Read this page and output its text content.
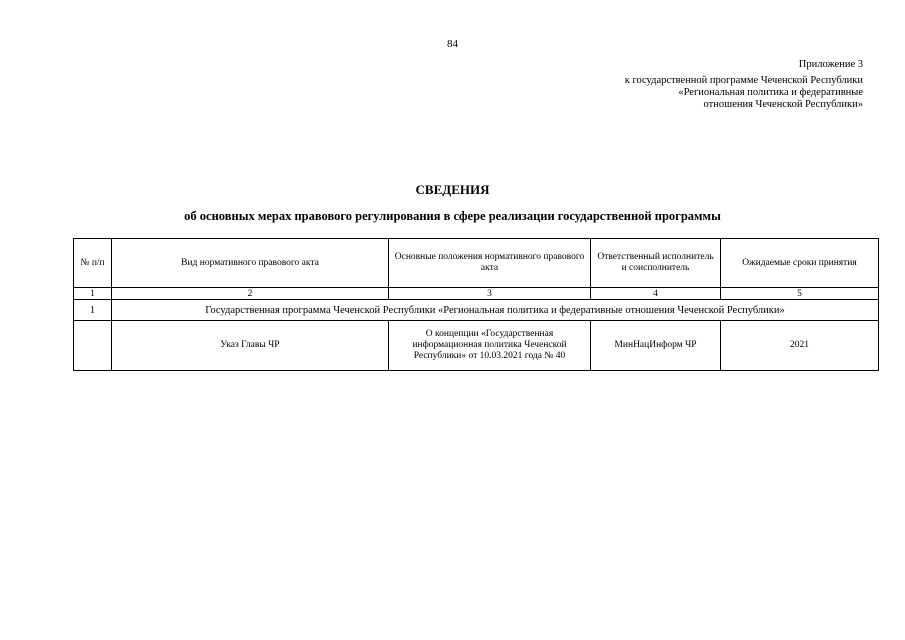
84
Приложение 3
к государственной программе Чеченской Республики
«Региональная политика и федеративные
отношения Чеченской Республики»
СВЕДЕНИЯ
об основных мерах правового регулирования в сфере реализации государственной программы
№ п/п	Вид нормативного правового акта	Основные положения нормативного правового акта	Ответственный исполнитель и соисполнитель	Ожидаемые сроки принятия
1	2	3	4	5
1	Государственная программа Чеченской Республики «Региональная политика и федеративные отношения Чеченской Республики»			
	Указ Главы ЧР	О концепции «Государственная информационная политика Чеченской Республики» от 10.03.2021 года № 40	МинНацИнформ ЧР	2021
